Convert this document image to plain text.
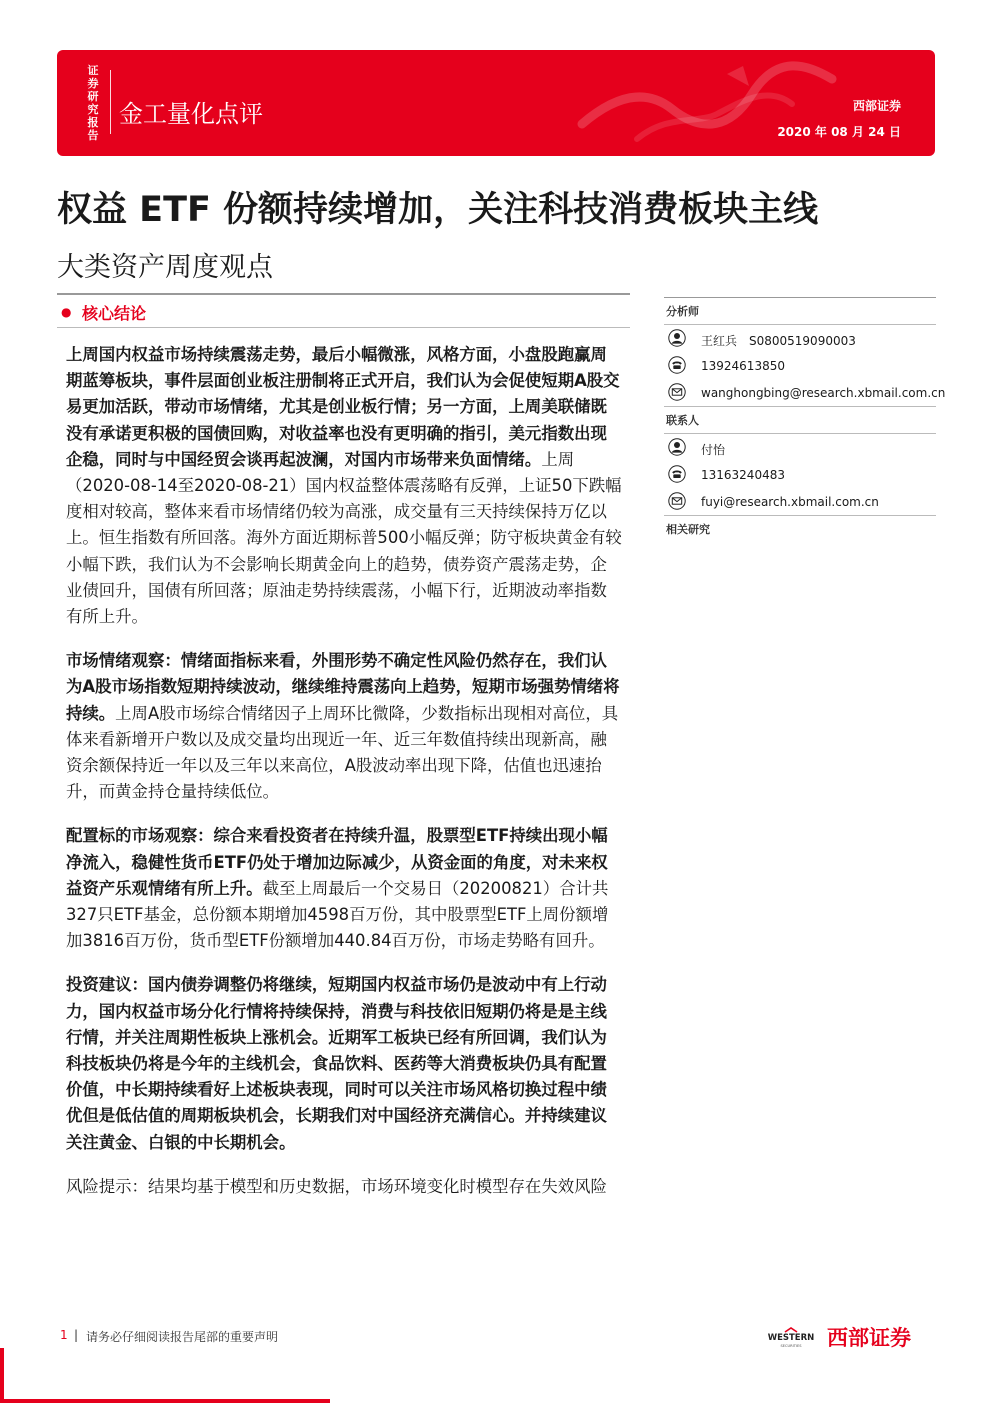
证券研究报告
金工量化点评	西部证券
2020 年 08 月 24 日
权益 ETF 份额持续增加，关注科技消费板块主线
大类资产周度观点
● 核心结论

上周国内权益市场持续震荡走势，最后小幅微涨，风格方面，小盘股跑赢周期蓝筹板块，事件层面创业板注册制将正式开启，我们认为会促使短期A股交易更加活跃，带动市场情绪，尤其是创业板行情；另一方面，上周美联储既没有承诺更积极的国债回购，对收益率也没有更明确的指引，美元指数出现企稳，同时与中国经贸会谈再起波澜，对国内市场带来负面情绪。上周（2020-08-14至2020-08-21）国内权益整体震荡略有反弹，上证50下跌幅度相对较高，整体来看市场情绪仍较为高涨，成交量有三天持续保持万亿以上。恒生指数有所回落。海外方面近期标普500小幅反弹；防守板块黄金有较小幅下跌，我们认为不会影响长期黄金向上的趋势，债券资产震荡走势，企业债回升，国债有所回落；原油走势持续震荡，小幅下行，近期波动率指数有所上升。

市场情绪观察：情绪面指标来看，外围形势不确定性风险仍然存在，我们认为A股市场指数短期持续波动，继续维持震荡向上趋势，短期市场强势情绪将持续。上周A股市场综合情绪因子上周环比微降，少数指标出现相对高位，具体来看新增开户数以及成交量均出现近一年、近三年数值持续出现新高，融资余额保持近一年以及三年以来高位，A股波动率出现下降，估值也迅速抬升，而黄金持仓量持续低位。

配置标的市场观察：综合来看投资者在持续升温，股票型ETF持续出现小幅净流入，稳健性货币ETF仍处于增加边际减少，从资金面的角度，对未来权益资产乐观情绪有所上升。截至上周最后一个交易日（20200821）合计共327只ETF基金，总份额本期增加4598百万份，其中股票型ETF上周份额增加3816百万份，货币型ETF份额增加440.84百万份，市场走势略有回升。

投资建议：国内债券调整仍将继续，短期国内权益市场仍是波动中有上行动力，国内权益市场分化行情将持续保持，消费与科技依旧短期仍将是是主线行情，并关注周期性板块上涨机会。近期军工板块已经有所回调，我们认为科技板块仍将是今年的主线机会，食品饮料、医药等大消费板块仍具有配置价值，中长期持续看好上述板块表现，同时可以关注市场风格切换过程中绩优但是低估值的周期板块机会，长期我们对中国经济充满信心。并持续建议关注黄金、白银的中长期机会。

风险提示：结果均基于模型和历史数据，市场环境变化时模型存在失效风险

分析师
王红兵　S0800519090003
13924613850
wanghongbing@research.xbmail.com.cn
联系人
付怡
13163240483
fuyi@research.xbmail.com.cn
相关研究
1 | 请务必仔细阅读报告尾部的重要声明	WESTERN
SECURITIES 西部证券
